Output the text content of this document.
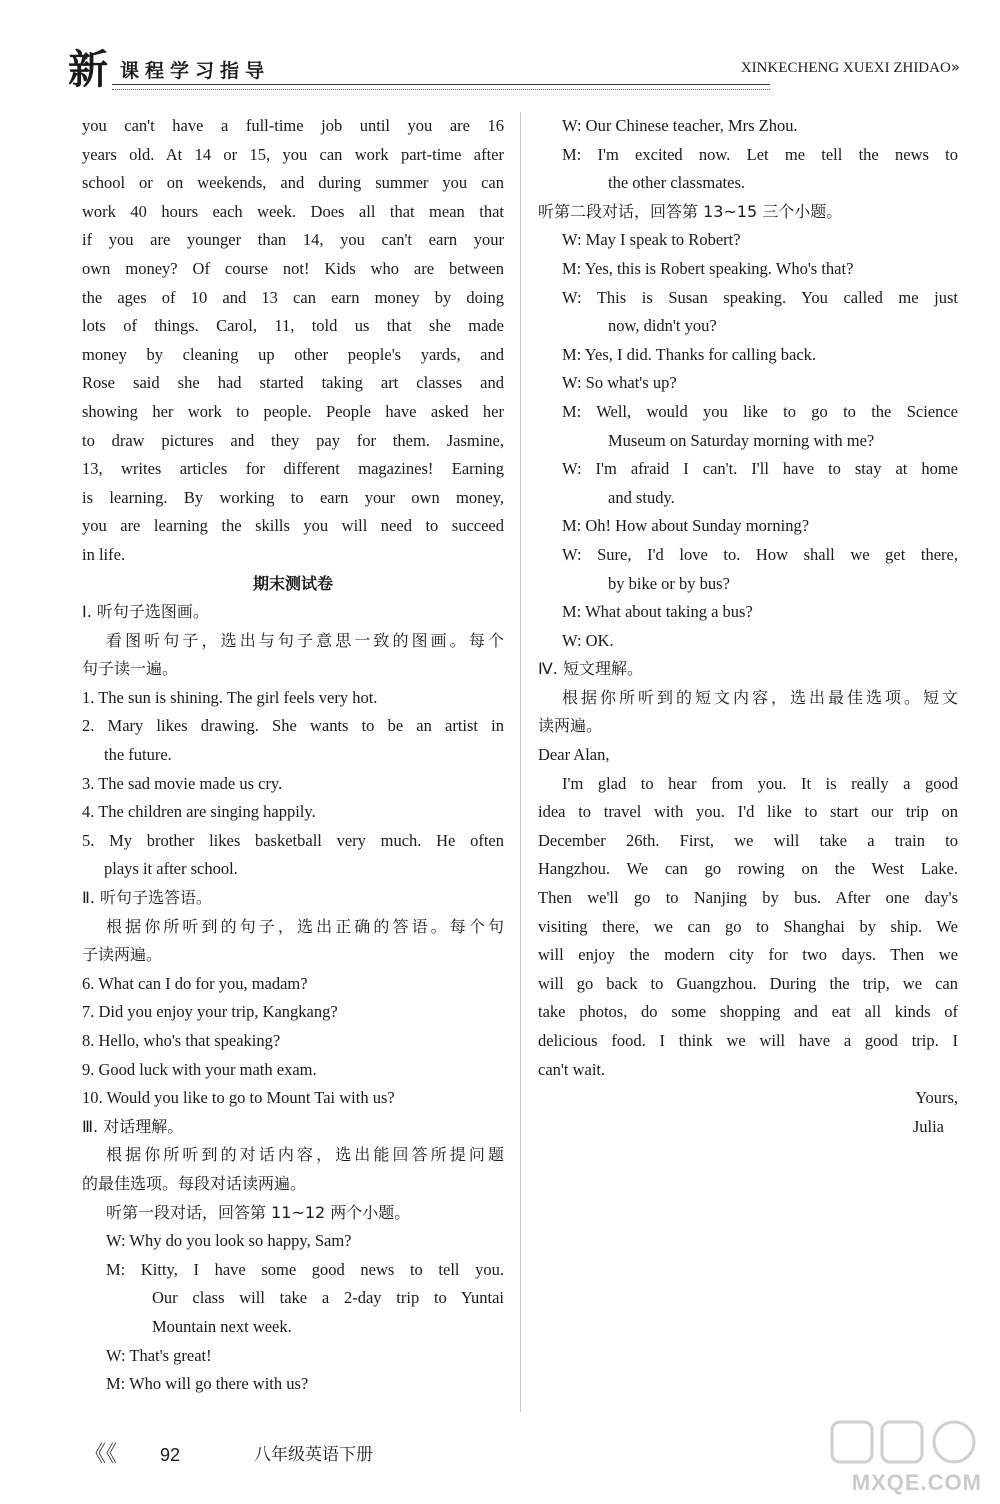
新 课程学习指导	XINKECHENG XUEXI ZHIDAO»
you can't have a full-time job until you are 16
years old. At 14 or 15, you can work part-time after
school or on weekends, and during summer you can
work 40 hours each week. Does all that mean that
if you are younger than 14, you can't earn your
own money? Of course not! Kids who are between
the ages of 10 and 13 can earn money by doing
lots of things. Carol, 11, told us that she made
money by cleaning up other people's yards, and
Rose said she had started taking art classes and
showing her work to people. People have asked her
to draw pictures and they pay for them. Jasmine,
13, writes articles for different magazines! Earning
is learning. By working to earn your own money,
you are learning the skills you will need to succeed
in life.
期末测试卷
Ⅰ. 听句子选图画。
看图听句子，选出与句子意思一致的图画。每个
句子读一遍。
1. The sun is shining. The girl feels very hot.
2. Mary likes drawing. She wants to be an artist in
the future.
3. The sad movie made us cry.
4. The children are singing happily.
5. My brother likes basketball very much. He often
plays it after school.
Ⅱ. 听句子选答语。
根据你所听到的句子，选出正确的答语。每个句
子读两遍。
6. What can I do for you, madam?
7. Did you enjoy your trip, Kangkang?
8. Hello, who's that speaking?
9. Good luck with your math exam.
10. Would you like to go to Mount Tai with us?
Ⅲ. 对话理解。
根据你所听到的对话内容，选出能回答所提问题
的最佳选项。每段对话读两遍。
听第一段对话，回答第 11~12 两个小题。
W: Why do you look so happy, Sam?
M: Kitty, I have some good news to tell you.
Our class will take a 2-day trip to Yuntai
Mountain next week.
W: That's great!
M: Who will go there with us?
W: Our Chinese teacher, Mrs Zhou.
M: I'm excited now. Let me tell the news to
the other classmates.
听第二段对话，回答第 13~15 三个小题。
W: May I speak to Robert?
M: Yes, this is Robert speaking. Who's that?
W: This is Susan speaking. You called me just
now, didn't you?
M: Yes, I did. Thanks for calling back.
W: So what's up?
M: Well, would you like to go to the Science
Museum on Saturday morning with me?
W: I'm afraid I can't. I'll have to stay at home
and study.
M: Oh! How about Sunday morning?
W: Sure, I'd love to. How shall we get there,
by bike or by bus?
M: What about taking a bus?
W: OK.
Ⅳ. 短文理解。
根据你所听到的短文内容，选出最佳选项。短文
读两遍。
Dear Alan,
I'm glad to hear from you. It is really a good
idea to travel with you. I'd like to start our trip on
December 26th. First, we will take a train to
Hangzhou. We can go rowing on the West Lake.
Then we'll go to Nanjing by bus. After one day's
visiting there, we can go to Shanghai by ship. We
will enjoy the modern city for two days. Then we
will go back to Guangzhou. During the trip, we can
take photos, do some shopping and eat all kinds of
delicious food. I think we will have a good trip. I
can't wait.
Yours,
Julia
《《 92	八年级英语下册
MXQE.COM
